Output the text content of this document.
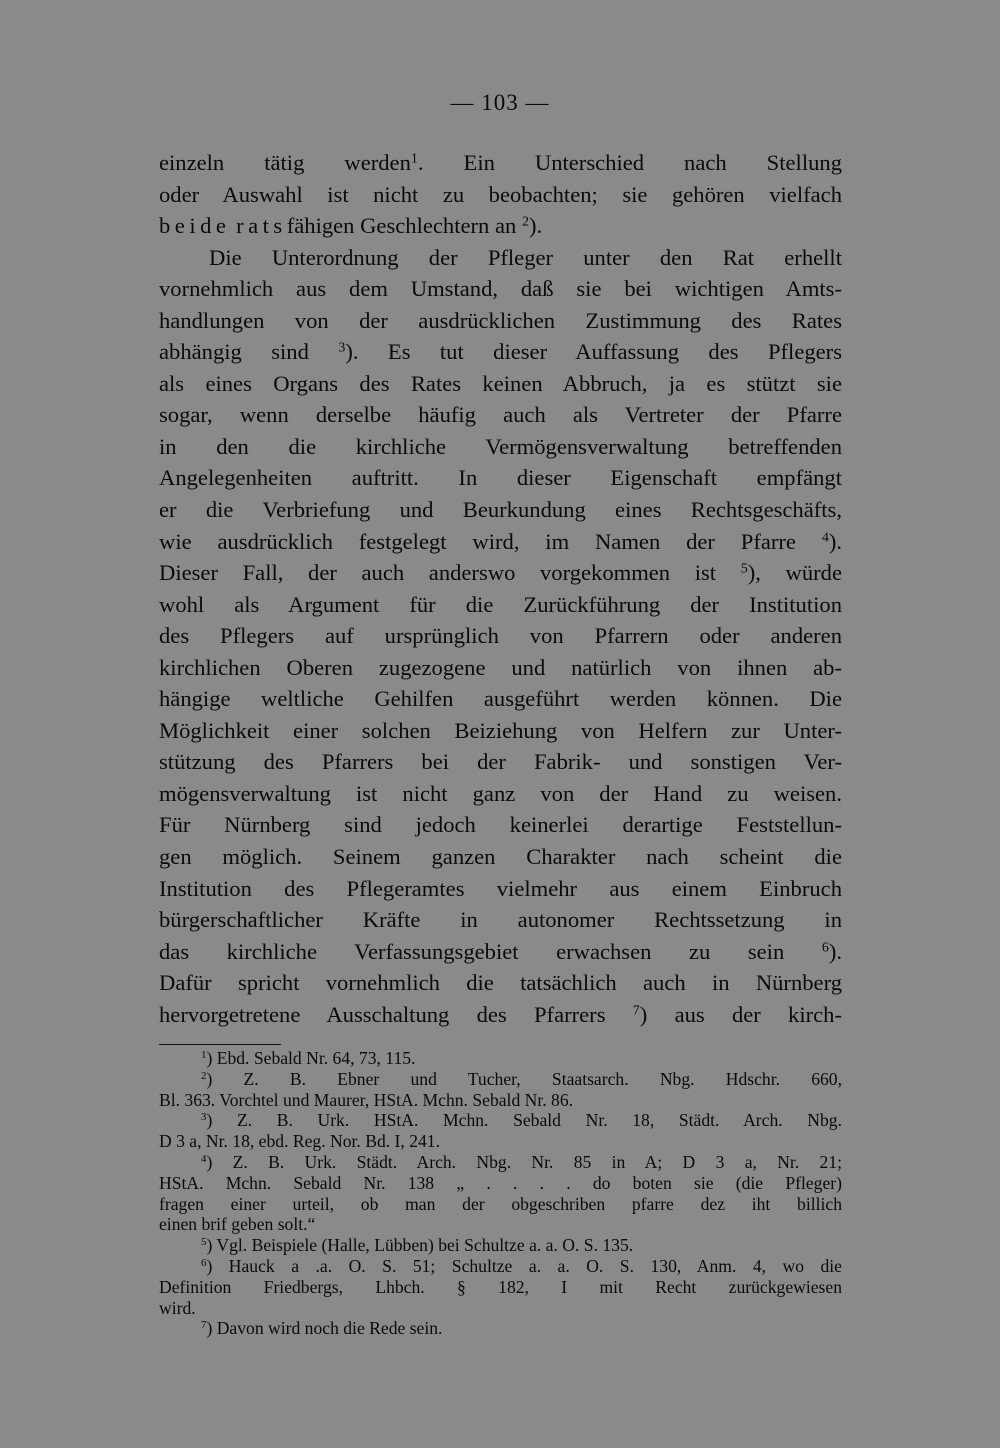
— 103 —
einzeln tätig werden$^1$. Ein Unterschied nach Stellung
oder Auswahl ist nicht zu beobachten; sie gehören vielfach
beide ratsfähigen Geschlechtern an $^2$).
Die Unterordnung der Pfleger unter den Rat erhellt
vornehmlich aus dem Umstand, daß sie bei wichtigen Amts-
handlungen von der ausdrücklichen Zustimmung des Rates
abhängig sind $^3$). Es tut dieser Auffassung des Pflegers
als eines Organs des Rates keinen Abbruch, ja es stützt sie
sogar, wenn derselbe häufig auch als Vertreter der Pfarre
in den die kirchliche Vermögensverwaltung betreffenden
Angelegenheiten auftritt. In dieser Eigenschaft empfängt
er die Verbriefung und Beurkundung eines Rechtsgeschäfts,
wie ausdrücklich festgelegt wird, im Namen der Pfarre $^4$).
Dieser Fall, der auch anderswo vorgekommen ist $^5$), würde
wohl als Argument für die Zurückführung der Institution
des Pflegers auf ursprünglich von Pfarrern oder anderen
kirchlichen Oberen zugezogene und natürlich von ihnen ab-
hängige weltliche Gehilfen ausgeführt werden können. Die
Möglichkeit einer solchen Beiziehung von Helfern zur Unter-
stützung des Pfarrers bei der Fabrik- und sonstigen Ver-
mögensverwaltung ist nicht ganz von der Hand zu weisen.
Für Nürnberg sind jedoch keinerlei derartige Feststellun-
gen möglich. Seinem ganzen Charakter nach scheint die
Institution des Pflegeramtes vielmehr aus einem Einbruch
bürgerschaftlicher Kräfte in autonomer Rechtssetzung in
das kirchliche Verfassungsgebiet erwachsen zu sein	$^6$).
Dafür spricht vornehmlich die tatsächlich auch in Nürnberg
hervorgetretene Ausschaltung des Pfarrers $^7$) aus der kirch-
$^1$) Ebd. Sebald Nr. 64, 73, 115.
$^2$) Z. B. Ebner und Tucher, Staatsarch. Nbg. Hdschr. 660,
Bl. 363. Vorchtel und Maurer, HStA. Mchn. Sebald Nr. 86.
$^3$) Z. B. Urk. HStA. Mchn. Sebald Nr. 18, Städt. Arch. Nbg.
D 3 a, Nr. 18, ebd. Reg. Nor. Bd. I, 241.
$^4$) Z. B. Urk. Städt. Arch. Nbg. Nr. 85 in A; D 3 a, Nr. 21;
HStA. Mchn. Sebald Nr. 138 „ . . . . do boten sie (die Pfleger)
fragen einer urteil, ob man der obgeschriben pfarre dez iht billich
einen brif geben solt.“
$^5$) Vgl. Beispiele (Halle, Lübben) bei Schultze a. a. O. S. 135.
$^6$) Hauck a .a. O. S. 51; Schultze a. a. O. S. 130, Anm. 4, wo die
Definition Friedbergs, Lhbch. § 182, I mit Recht zurückgewiesen
wird.
$^7$) Davon wird noch die Rede sein.
